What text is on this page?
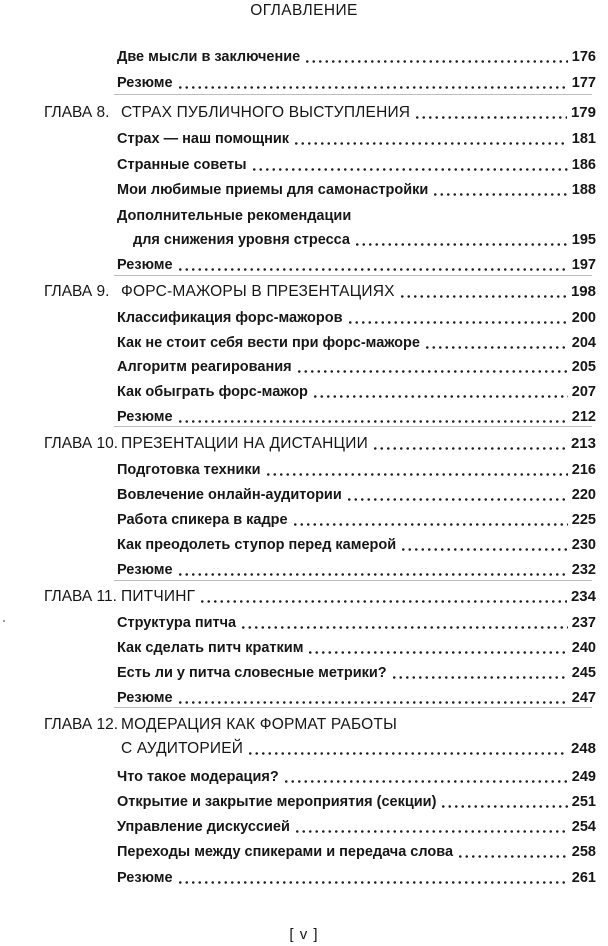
ОГЛАВЛЕНИЕ
Две мысли в заключение	176
Резюме	177
ГЛАВА 8. СТРАХ ПУБЛИЧНОГО ВЫСТУПЛЕНИЯ	179
Страх — наш помощник	181
Странные советы	186
Мои любимые приемы для самонастройки	188
Дополнительные рекомендации
для снижения уровня стресса	195
Резюме	197
ГЛАВА 9. ФОРС-МАЖОРЫ В ПРЕЗЕНТАЦИЯХ	198
Классификация форс-мажоров	200
Как не стоит себя вести при форс-мажоре	204
Алгоритм реагирования	205
Как обыграть форс-мажор	207
Резюме	212
ГЛАВА 10. ПРЕЗЕНТАЦИИ НА ДИСТАНЦИИ	213
Подготовка техники	216
Вовлечение онлайн-аудитории	220
Работа спикера в кадре	225
Как преодолеть ступор перед камерой	230
Резюме	232
ГЛАВА 11. ПИТЧИНГ	234
Структура питча	237
Как сделать питч кратким	240
Есть ли у питча словесные метрики?	245
Резюме	247
ГЛАВА 12. МОДЕРАЦИЯ КАК ФОРМАТ РАБОТЫ
С АУДИТОРИЕЙ	248
Что такое модерация?	249
Открытие и закрытие мероприятия (секции)	251
Управление дискуссией	254
Переходы между спикерами и передача слова	258
Резюме	261
[ v ]
